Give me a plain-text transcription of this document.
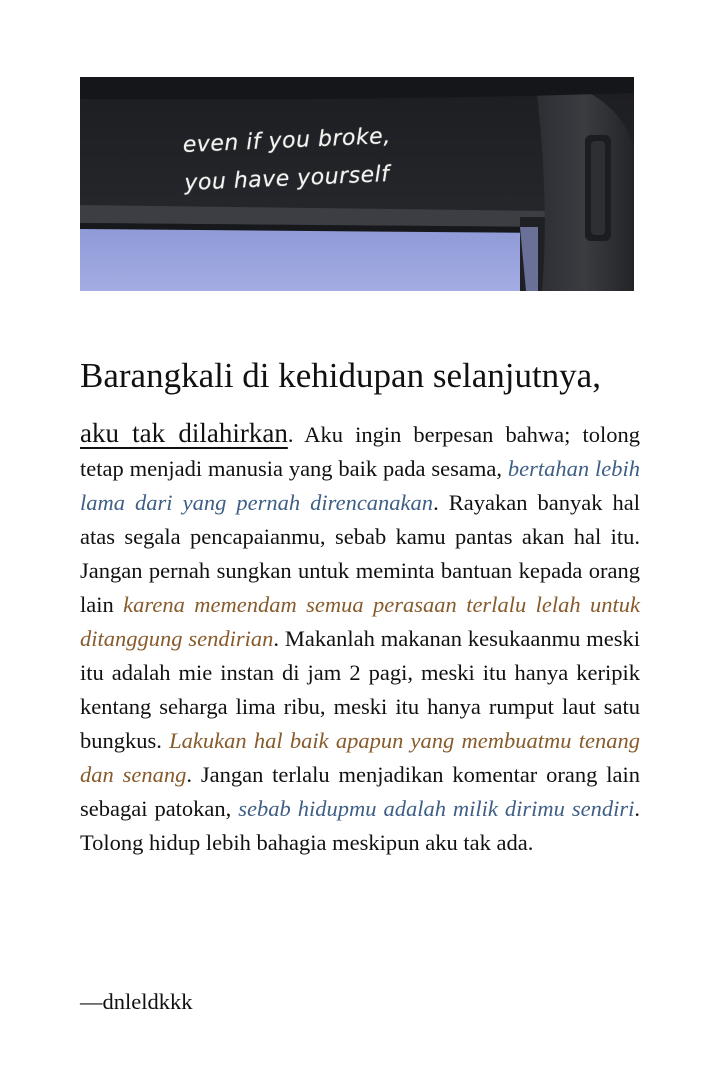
even if you broke,
you have yourself
Barangkali di kehidupan selanjutnya,

aku tak dilahirkan. Aku ingin berpesan bahwa; tolong tetap menjadi manusia yang baik pada sesama, bertahan lebih lama dari yang pernah direncanakan. Rayakan banyak hal atas segala pencapaianmu, sebab kamu pantas akan hal itu. Jangan pernah sungkan untuk meminta bantuan kepada orang lain karena memendam semua perasaan terlalu lelah untuk ditanggung sendirian. Makanlah makanan kesukaanmu meski itu adalah mie instan di jam 2 pagi, meski itu hanya keripik kentang seharga lima ribu, meski itu hanya rumput laut satu bungkus. Lakukan hal baik apapun yang membuatmu tenang dan senang. Jangan terlalu menjadikan komentar orang lain sebagai patokan, sebab hidupmu adalah milik dirimu sendiri. Tolong hidup lebih bahagia meskipun aku tak ada.

—dnleldkkk
